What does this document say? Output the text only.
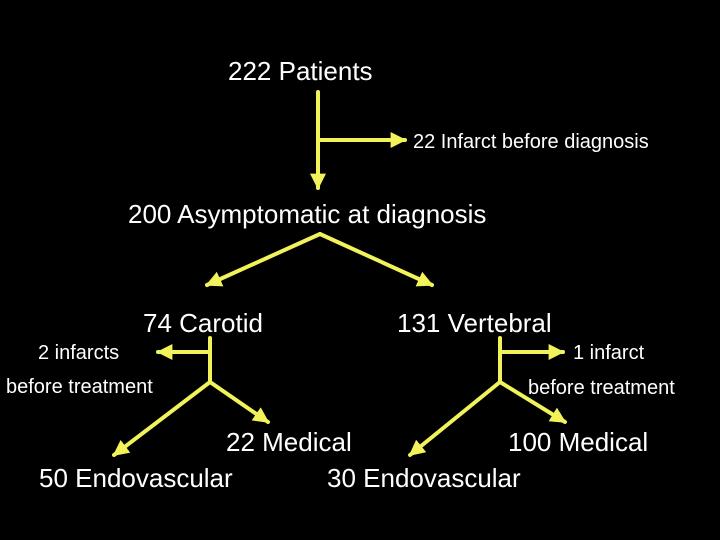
222 Patients
22 Infarct before diagnosis
200 Asymptomatic at diagnosis
74 Carotid
2 infarcts
before treatment
22 Medical
50 Endovascular
131 Vertebral
1 infarct
before treatment
100 Medical
30 Endovascular
